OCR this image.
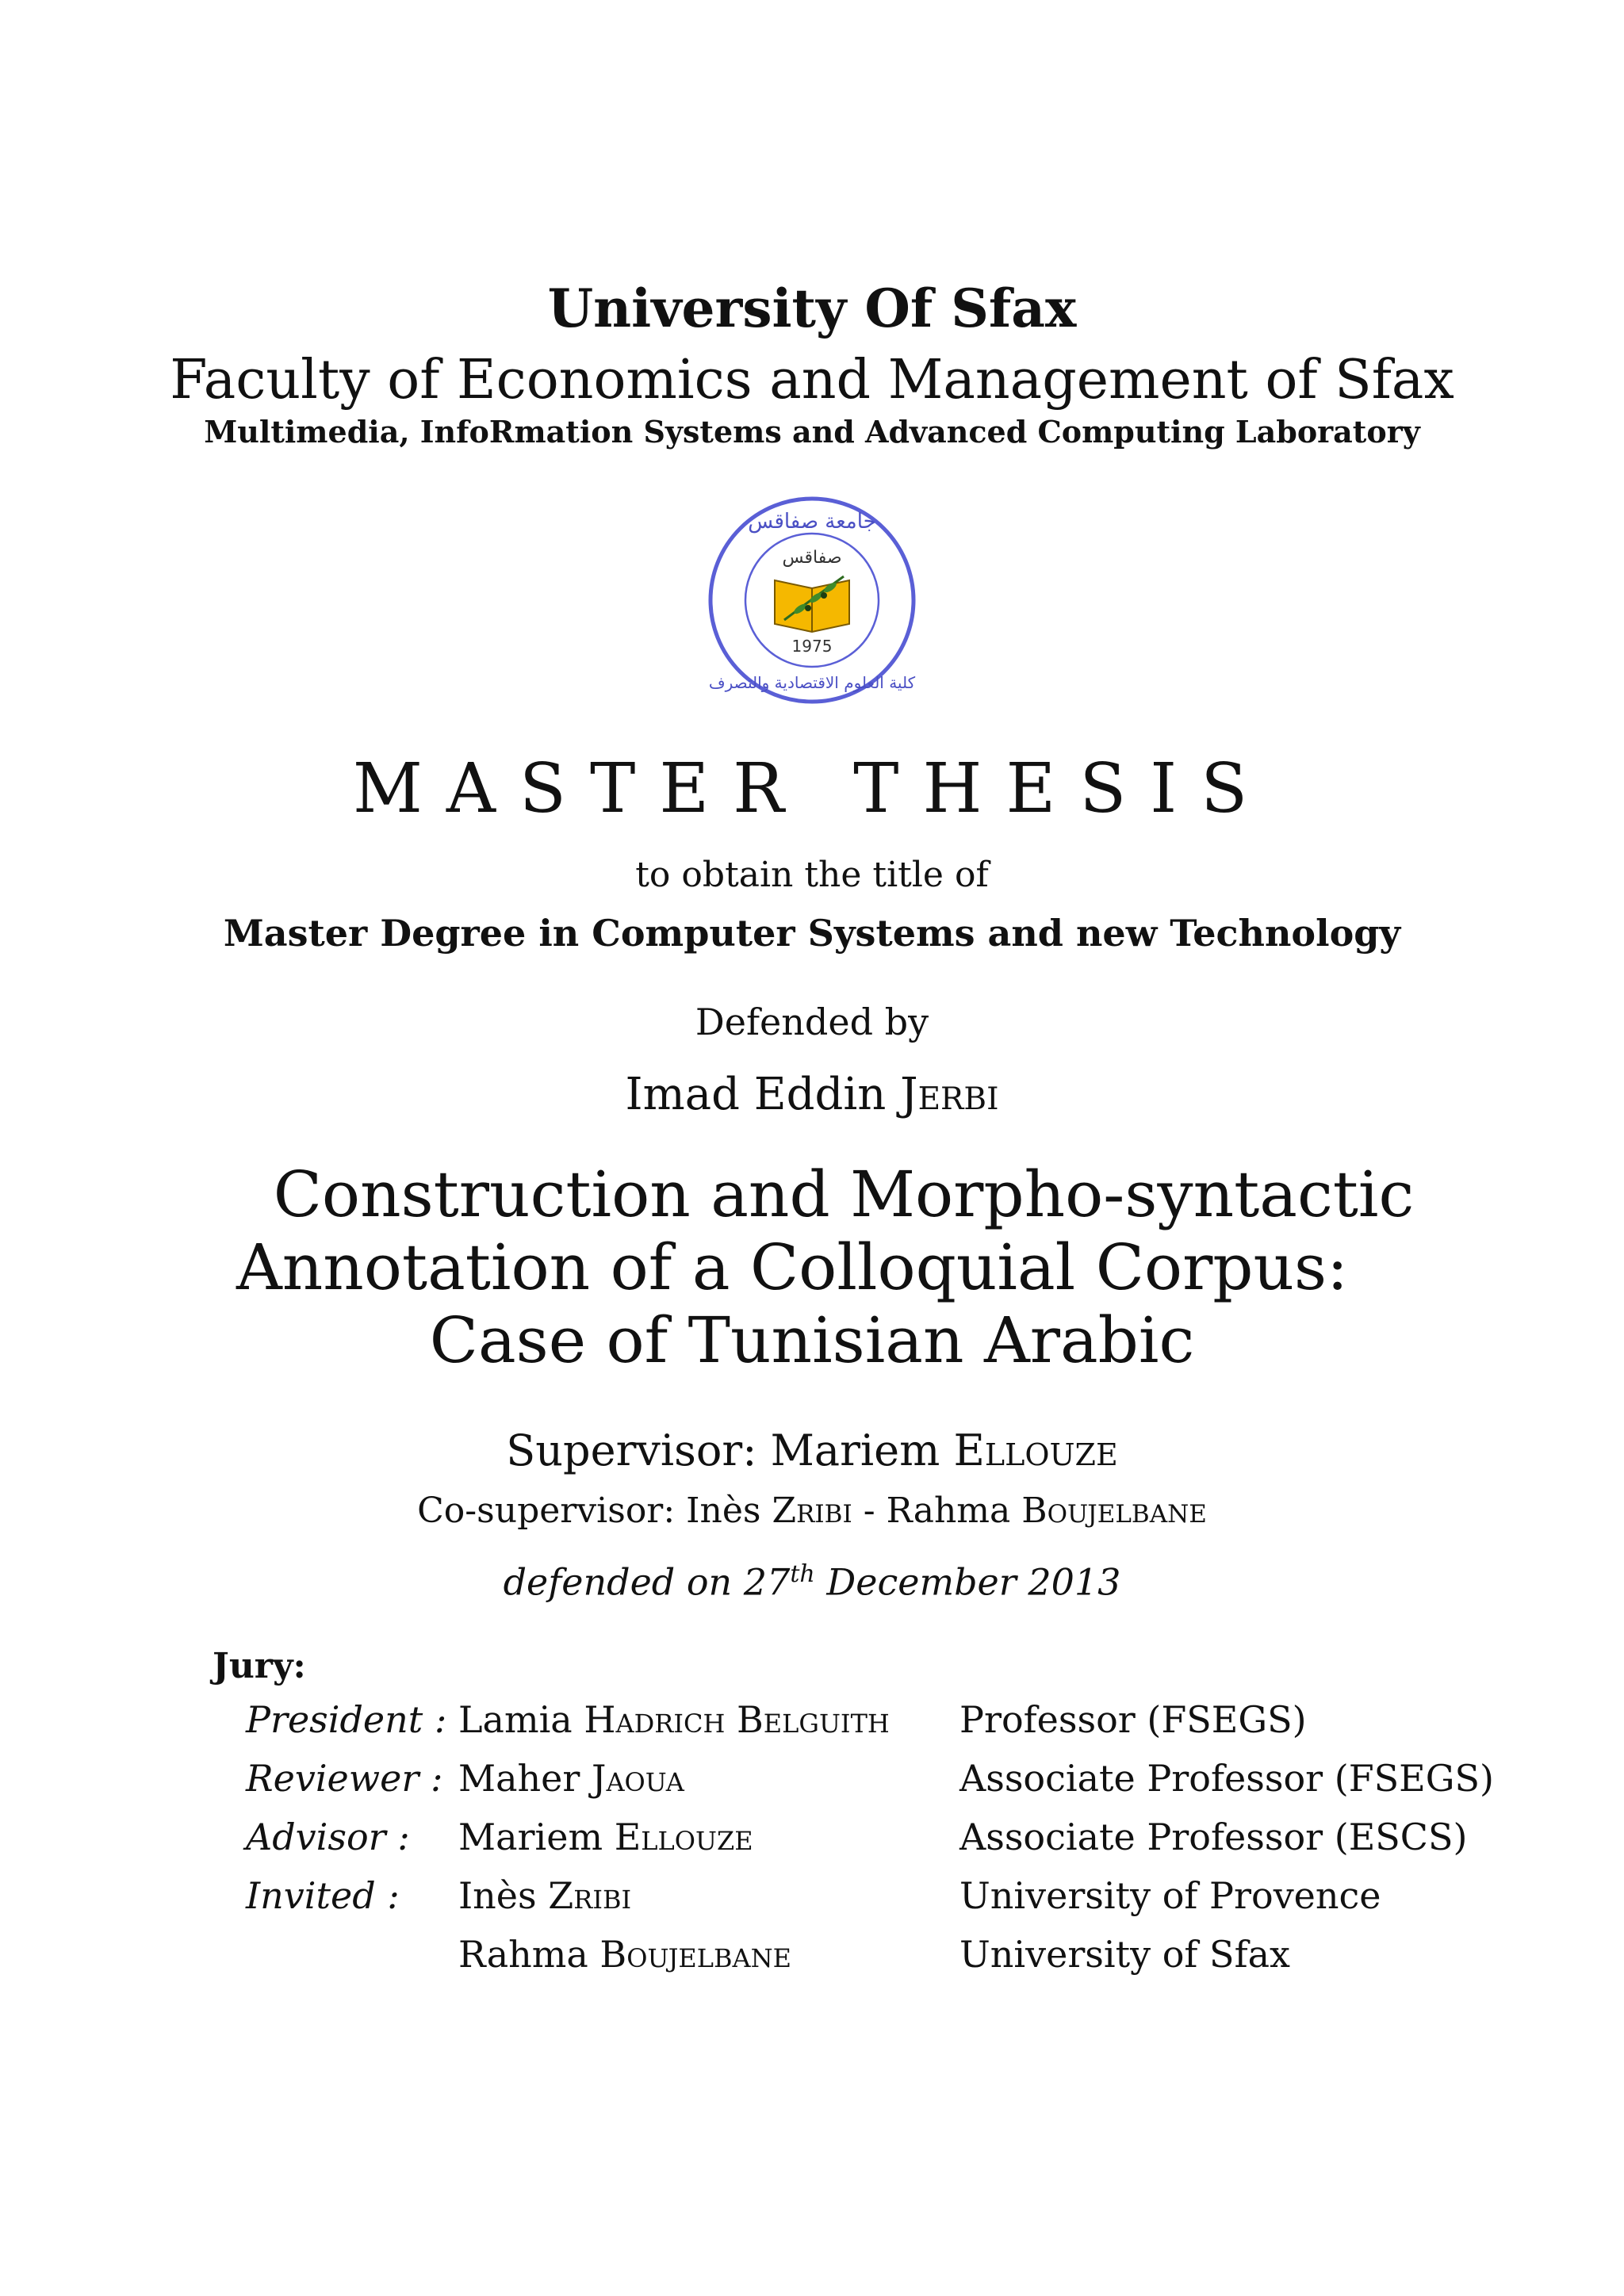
University Of Sfax
Faculty of Economics and Management of Sfax
Multimedia, InfoRmation Systems and Advanced Computing Laboratory
جامعة صفاقس
كلية العلوم الاقتصادية والتصرف
صفاقس
1975
MASTER THESIS
to obtain the title of
Master Degree in Computer Systems and new Technology
Defended by
Imad Eddin Jerbi
Construction and Morpho-syntactic
Annotation of a Colloquial Corpus:
Case of Tunisian Arabic
Supervisor: Mariem Ellouze
Co-supervisor: Inès Zribi - Rahma Boujelbane
defended on 27th December 2013
Jury:
President :	Lamia Hadrich Belguith	Professor (FSEGS)
Reviewer :	Maher Jaoua	Associate Professor (FSEGS)
Advisor :	Mariem Ellouze	Associate Professor (ESCS)
Invited :	Inès Zribi	University of Provence
	Rahma Boujelbane	University of Sfax
